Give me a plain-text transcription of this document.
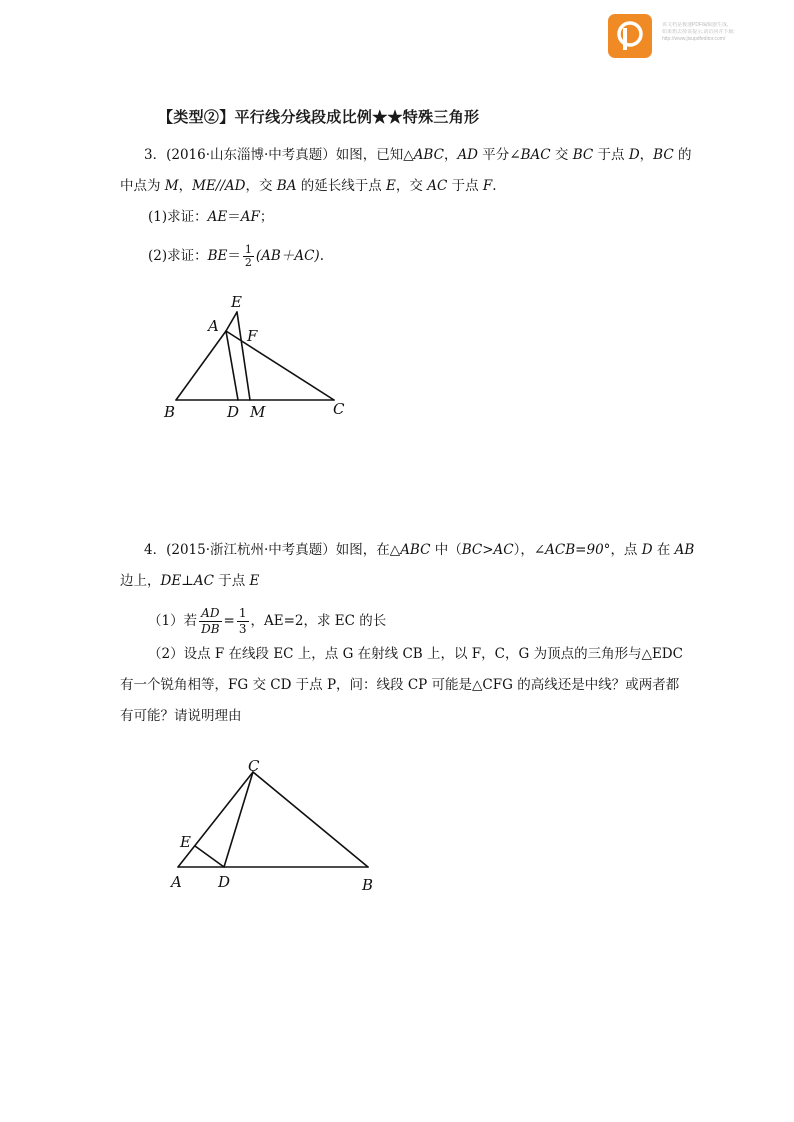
该文档是极速PDF编辑器生成,
如果想去掉该提示,请访问并下载:
http://www.jisupdfeditor.com/
【类型②】平行线分线段成比例★★特殊三角形
3．(2016·山东淄博·中考真题）如图，已知△ABC，AD 平分∠BAC 交 BC 于点 D，BC 的
中点为 M，ME//AD，交 BA 的延长线于点 E，交 AC 于点 F.
(1)求证：AE＝AF；
(2)求证：$BE= \frac{1}{2} (AB+AC)$.
E
A
F
B	D M	C
4．(2015·浙江杭州·中考真题）如图，在△ABC 中（BC>AC），∠ACB=90°，点 D 在 AB
边上，DE⊥AC 于点 E
（1）若 $\frac{AD}{DB} = \frac{1}{3}$ ，AE=2，求 EC 的长
（2）设点 F 在线段 EC 上，点 G 在射线 CB 上，以 F，C，G 为顶点的三角形与△EDC
有一个锐角相等，FG 交 CD 于点 P，问：线段 CP 可能是△CFG 的高线还是中线？或两者都
有可能？请说明理由
C
E
A D	B
